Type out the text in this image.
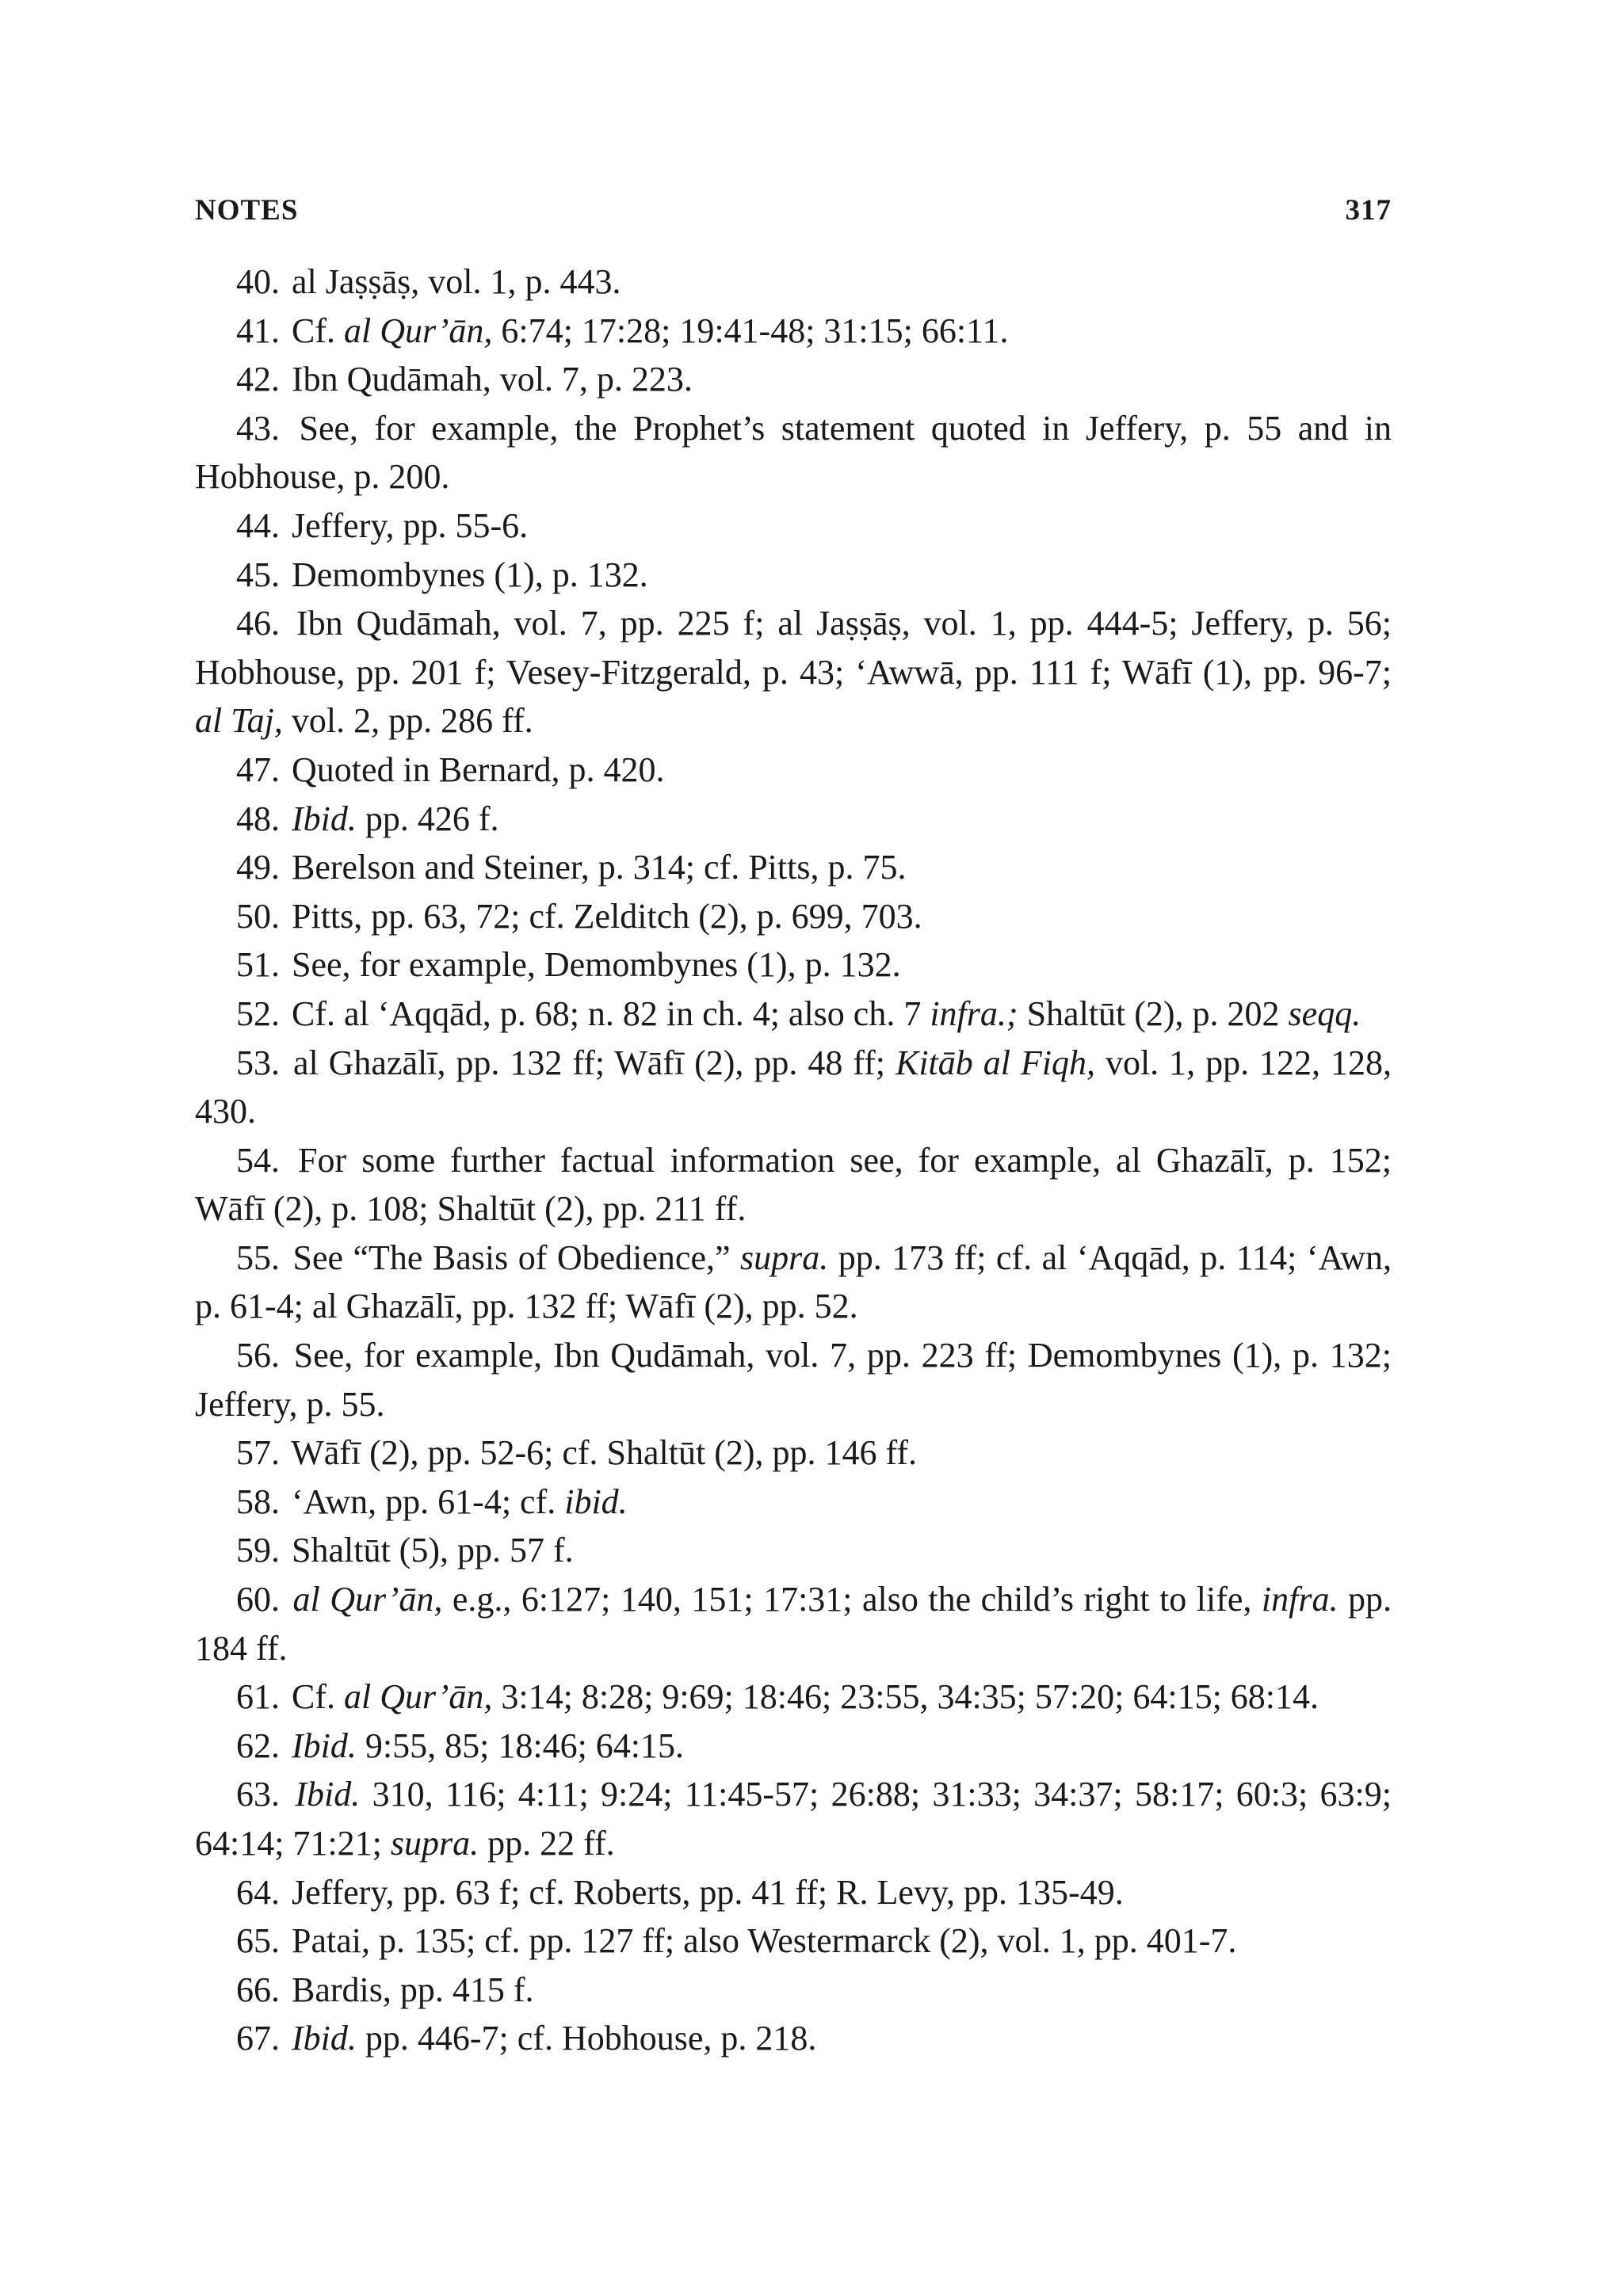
NOTES	317

40. al Jaṣṣāṣ, vol. 1, p. 443.

41. Cf. al Qur’ān, 6:74; 17:28; 19:41-48; 31:15; 66:11.

42. Ibn Qudāmah, vol. 7, p. 223.

43. See, for example, the Prophet’s statement quoted in Jeffery, p. 55 and in Hobhouse, p. 200.

44. Jeffery, pp. 55-6.

45. Demombynes (1), p. 132.

46. Ibn Qudāmah, vol. 7, pp. 225 f; al Jaṣṣāṣ, vol. 1, pp. 444-5; Jeffery, p. 56; Hobhouse, pp. 201 f; Vesey-Fitzgerald, p. 43; ‘Awwā, pp. 111 f; Wāfī (1), pp. 96-7; al Taj, vol. 2, pp. 286 ff.

47. Quoted in Bernard, p. 420.

48. Ibid. pp. 426 f.

49. Berelson and Steiner, p. 314; cf. Pitts, p. 75.

50. Pitts, pp. 63, 72; cf. Zelditch (2), p. 699, 703.

51. See, for example, Demombynes (1), p. 132.

52. Cf. al ‘Aqqād, p. 68; n. 82 in ch. 4; also ch. 7 infra.; Shaltūt (2), p. 202 seqq.

53. al Ghazālī, pp. 132 ff; Wāfī (2), pp. 48 ff; Kitāb al Fiqh, vol. 1, pp. 122, 128, 430.

54. For some further factual information see, for example, al Ghazālī, p. 152; Wāfī (2), p. 108; Shaltūt (2), pp. 211 ff.

55. See “The Basis of Obedience,” supra. pp. 173 ff; cf. al ‘Aqqād, p. 114; ‘Awn, p. 61-4; al Ghazālī, pp. 132 ff; Wāfī (2), pp. 52.

56. See, for example, Ibn Qudāmah, vol. 7, pp. 223 ff; Demombynes (1), p. 132; Jeffery, p. 55.

57. Wāfī (2), pp. 52-6; cf. Shaltūt (2), pp. 146 ff.

58. ‘Awn, pp. 61-4; cf. ibid.

59. Shaltūt (5), pp. 57 f.

60. al Qur’ān, e.g., 6:127; 140, 151; 17:31; also the child’s right to life, infra. pp. 184 ff.

61. Cf. al Qur’ān, 3:14; 8:28; 9:69; 18:46; 23:55, 34:35; 57:20; 64:15; 68:14.

62. Ibid. 9:55, 85; 18:46; 64:15.

63. Ibid. 310, 116; 4:11; 9:24; 11:45-57; 26:88; 31:33; 34:37; 58:17; 60:3; 63:9; 64:14; 71:21; supra. pp. 22 ff.

64. Jeffery, pp. 63 f; cf. Roberts, pp. 41 ff; R. Levy, pp. 135-49.

65. Patai, p. 135; cf. pp. 127 ff; also Westermarck (2), vol. 1, pp. 401-7.

66. Bardis, pp. 415 f.

67. Ibid. pp. 446-7; cf. Hobhouse, p. 218.
